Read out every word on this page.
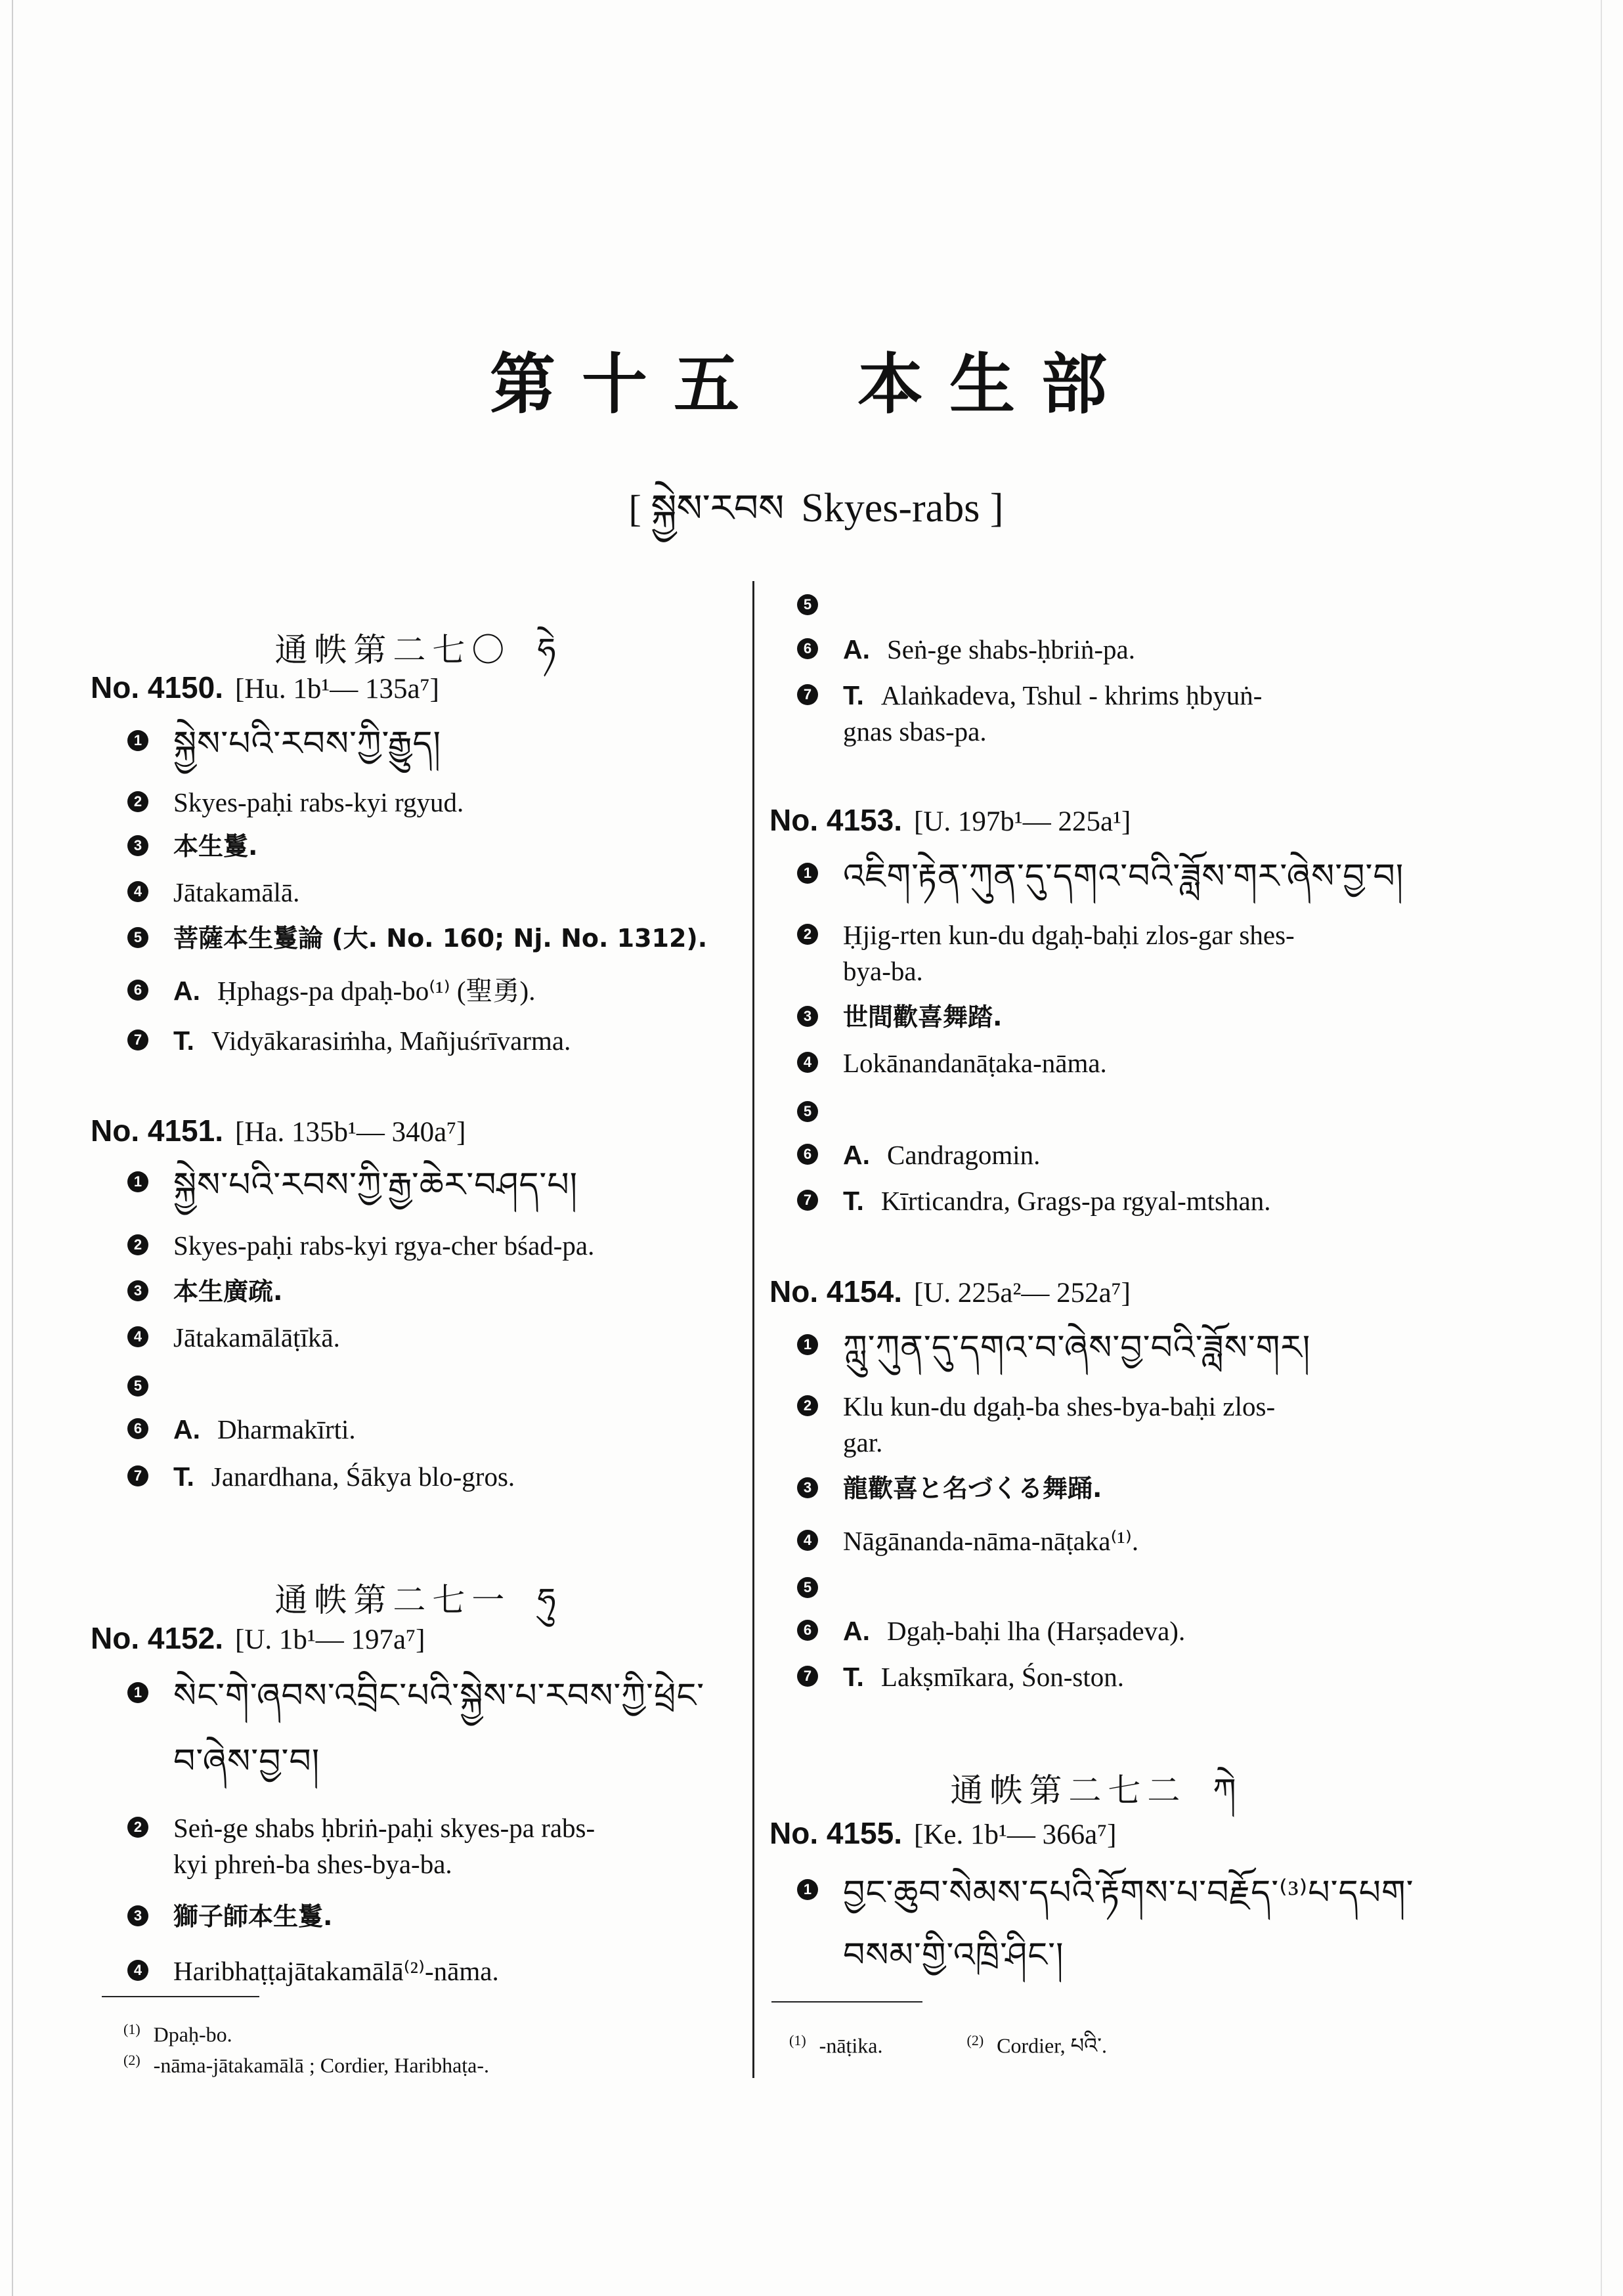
第十五　本生部
[ སྐྱེས་རབས Skyes-rabs ]
通帙第二七〇 ཧེ
No. 4150. [Hu. 1b¹— 135a⁷]
1 སྐྱེས་པའི་རབས་ཀྱི་རྒྱུད།
2 Skyes-paḥi rabs-kyi rgyud.
3 本生鬘.
4 Jātakamālā.
5 菩薩本生鬘論 (大. No. 160; Nj. No. 1312).
6 A. Ḥphags-pa dpaḥ-bo⁽¹⁾ (聖勇).
7 T. Vidyākarasiṁha, Mañjuśrīvarma.
No. 4151. [Ha. 135b¹— 340a⁷]
1 སྐྱེས་པའི་རབས་ཀྱི་རྒྱ་ཆེར་བཤད་པ།
2 Skyes-paḥi rabs-kyi rgya-cher bśad-pa.
3 本生廣疏.
4 Jātakamālāṭīkā.
5
6 A. Dharmakīrti.
7 T. Janardhana, Śākya blo-gros.
通帙第二七一 ཧུ
No. 4152. [U. 1b¹— 197a⁷]
1 སེང་གེ་ཞབས་འབྲིང་པའི་སྐྱེས་པ་རབས་ཀྱི་ཕྲེང་
བ་ཞེས་བྱ་བ།
2 Seṅ-ge shabs ḥbriṅ-paḥi skyes-pa rabs-
kyi phreṅ-ba shes-bya-ba.
3 獅子師本生鬘.
4 Haribhaṭṭajātakamālā⁽²⁾-nāma.
$^{(1)}$ Dpaḥ-bo.
$^{(2)}$ -nāma-jātakamālā ; Cordier, Haribhaṭa-.
5
6 A. Seṅ-ge shabs-ḥbriṅ-pa.
7 T. Alaṅkadeva, Tshul - khrims ḥbyuṅ-
gnas sbas-pa.
No. 4153. [U. 197b¹— 225a¹]
1 འཇིག་རྟེན་ཀུན་དུ་དགའ་བའི་ཟློས་གར་ཞེས་བྱ་བ།
2 Ḥjig-rten kun-du dgaḥ-baḥi zlos-gar shes-
bya-ba.
3 世間歡喜舞踏.
4 Lokānandanāṭaka-nāma.
5
6 A. Candragomin.
7 T. Kīrticandra, Grags-pa rgyal-mtshan.
No. 4154. [U. 225a²— 252a⁷]
1 ཀླུ་ཀུན་དུ་དགའ་བ་ཞེས་བྱ་བའི་ཟློས་གར།
2 Klu kun-du dgaḥ-ba shes-bya-baḥi zlos-
gar.
3 龍歡喜と名づくる舞踊.
4 Nāgānanda-nāma-nāṭaka⁽¹⁾.
5
6 A. Dgaḥ-baḥi lha (Harṣadeva).
7 T. Lakṣmīkara, Śon-ston.
通帙第二七二 ཀེ
No. 4155. [Ke. 1b¹— 366a⁷]
1 བྱང་ཆུབ་སེམས་དཔའི་རྟོགས་པ་བརྗོད་⁽³⁾པ་དཔག་
བསམ་གྱི་འཁྲི་ཤིང་།
$^{(1)}$ -nāṭika.	$^{(2)}$ Cordier, པའི་.
